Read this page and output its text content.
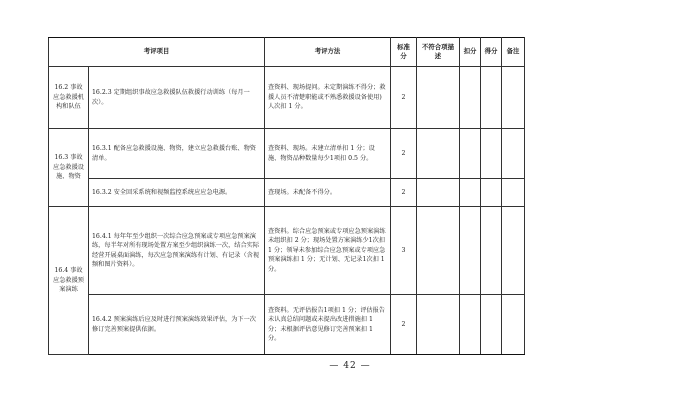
考评项目		考评方法	标准分	不符合项描述	扣分	得分	备注
16.2 事故应急救援机构和队伍	16.2.3 定期组织事故应急救援队伍救援行动训练（每月一次）。	查资料、现场提问。未定期演练不得分；救援人员不清楚职能或不熟悉救援设备使用)人次扣 1 分。	2				
16.3 事故应急救援设施、物资	16.3.1 配备应急救援设施、物资，建立应急救援台账、物资清单。	查资料、现场。未建立清单扣 1 分；设施、物资品种数量每少1项扣 0.5 分。	2				
	16.3.2 安全回采系统和视频监控系统应应急电源。	查现场。未配备不得分。	2				
16.4 事故应急救援预案演练	16.4.1 每年年至少组织一次综合应急预案或专项应急预案演练，每半年对所有现场处置方案至少组织演练一次，结合实际经营开展桌面演练，每次应急预案演练有计划、有记录（含视频和图片资料）。	查资料。综合应急预案或专项应急预案演练未组织扣 2 分；现场处置方案演练少1次扣 1 分；领导未参加综合应急预案或专项应急预案演练扣 1 分；无计划、无记录1次扣 1分。	3				
	16.4.2 预案演练后应及时进行预案演练效果评估，为下一次修订完善预案提供依据。	查资料。无评估报告1项扣 1 分；评估报告未认真总结问题或未提出改进措施扣 1 分；未根据评估意见修订完善预案扣 1 分。	2				
— 42 —
